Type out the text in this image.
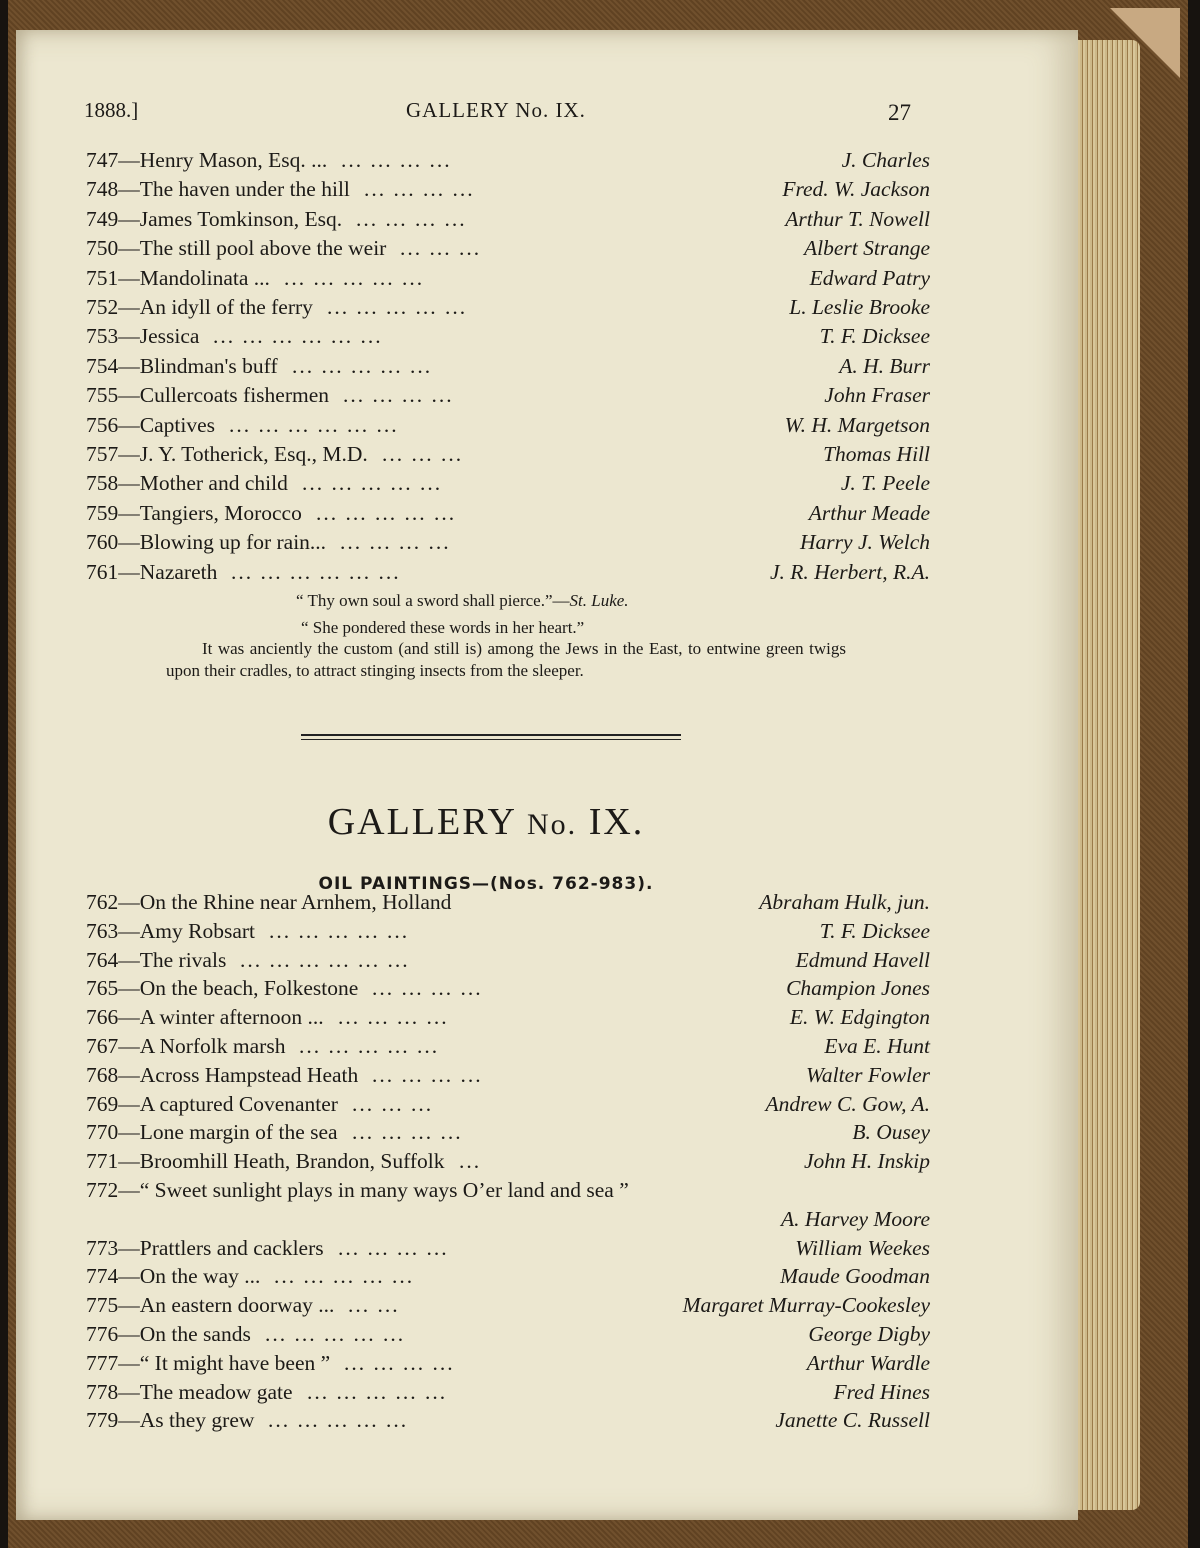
1888.]	GALLERY No. IX.	27
747—Henry Mason, Esq. ... ... ... ... ...	J. Charles
748—The haven under the hill ... ... ... ...	Fred. W. Jackson
749—James Tomkinson, Esq. ... ... ... ...	Arthur T. Nowell
750—The still pool above the weir ... ... ...	Albert Strange
751—Mandolinata ... ... ... ... ... ...	Edward Patry
752—An idyll of the ferry ... ... ... ... ...	L. Leslie Brooke
753—Jessica ... ... ... ... ... ...	T. F. Dicksee
754—Blindman's buff ... ... ... ... ...	A. H. Burr
755—Cullercoats fishermen ... ... ... ...	John Fraser
756—Captives ... ... ... ... ... ...	W. H. Margetson
757—J. Y. Totherick, Esq., M.D. ... ... ...	Thomas Hill
758—Mother and child ... ... ... ... ...	J. T. Peele
759—Tangiers, Morocco ... ... ... ... ...	Arthur Meade
760—Blowing up for rain... ... ... ... ...	Harry J. Welch
761—Nazareth ... ... ... ... ... ...	J. R. Herbert, R.A.
“ Thy own soul a sword shall pierce.”—St. Luke.
“ She pondered these words in her heart.”
It was anciently the custom (and still is) among the Jews in the East, to entwine green twigs upon their cradles, to attract stinging insects from the sleeper.
GALLERY No. IX.
OIL PAINTINGS—(Nos. 762-983).
762—On the Rhine near Arnhem, Holland	Abraham Hulk, jun.
763—Amy Robsart ... ... ... ... ...	T. F. Dicksee
764—The rivals ... ... ... ... ... ...	Edmund Havell
765—On the beach, Folkestone ... ... ... ...	Champion Jones
766—A winter afternoon ... ... ... ... ...	E. W. Edgington
767—A Norfolk marsh ... ... ... ... ...	Eva E. Hunt
768—Across Hampstead Heath ... ... ... ...	Walter Fowler
769—A captured Covenanter ... ... ...	Andrew C. Gow, A.
770—Lone margin of the sea ... ... ... ...	B. Ousey
771—Broomhill Heath, Brandon, Suffolk ...	John H. Inskip
772—“ Sweet sunlight plays in many ways O’er land and sea ”
A. Harvey Moore
773—Prattlers and cacklers ... ... ... ...	William Weekes
774—On the way ... ... ... ... ... ...	Maude Goodman
775—An eastern doorway ... ... ...	Margaret Murray-Cookesley
776—On the sands ... ... ... ... ...	George Digby
777—“ It might have been ” ... ... ... ...	Arthur Wardle
778—The meadow gate ... ... ... ... ...	Fred Hines
779—As they grew ... ... ... ... ...	Janette C. Russell
